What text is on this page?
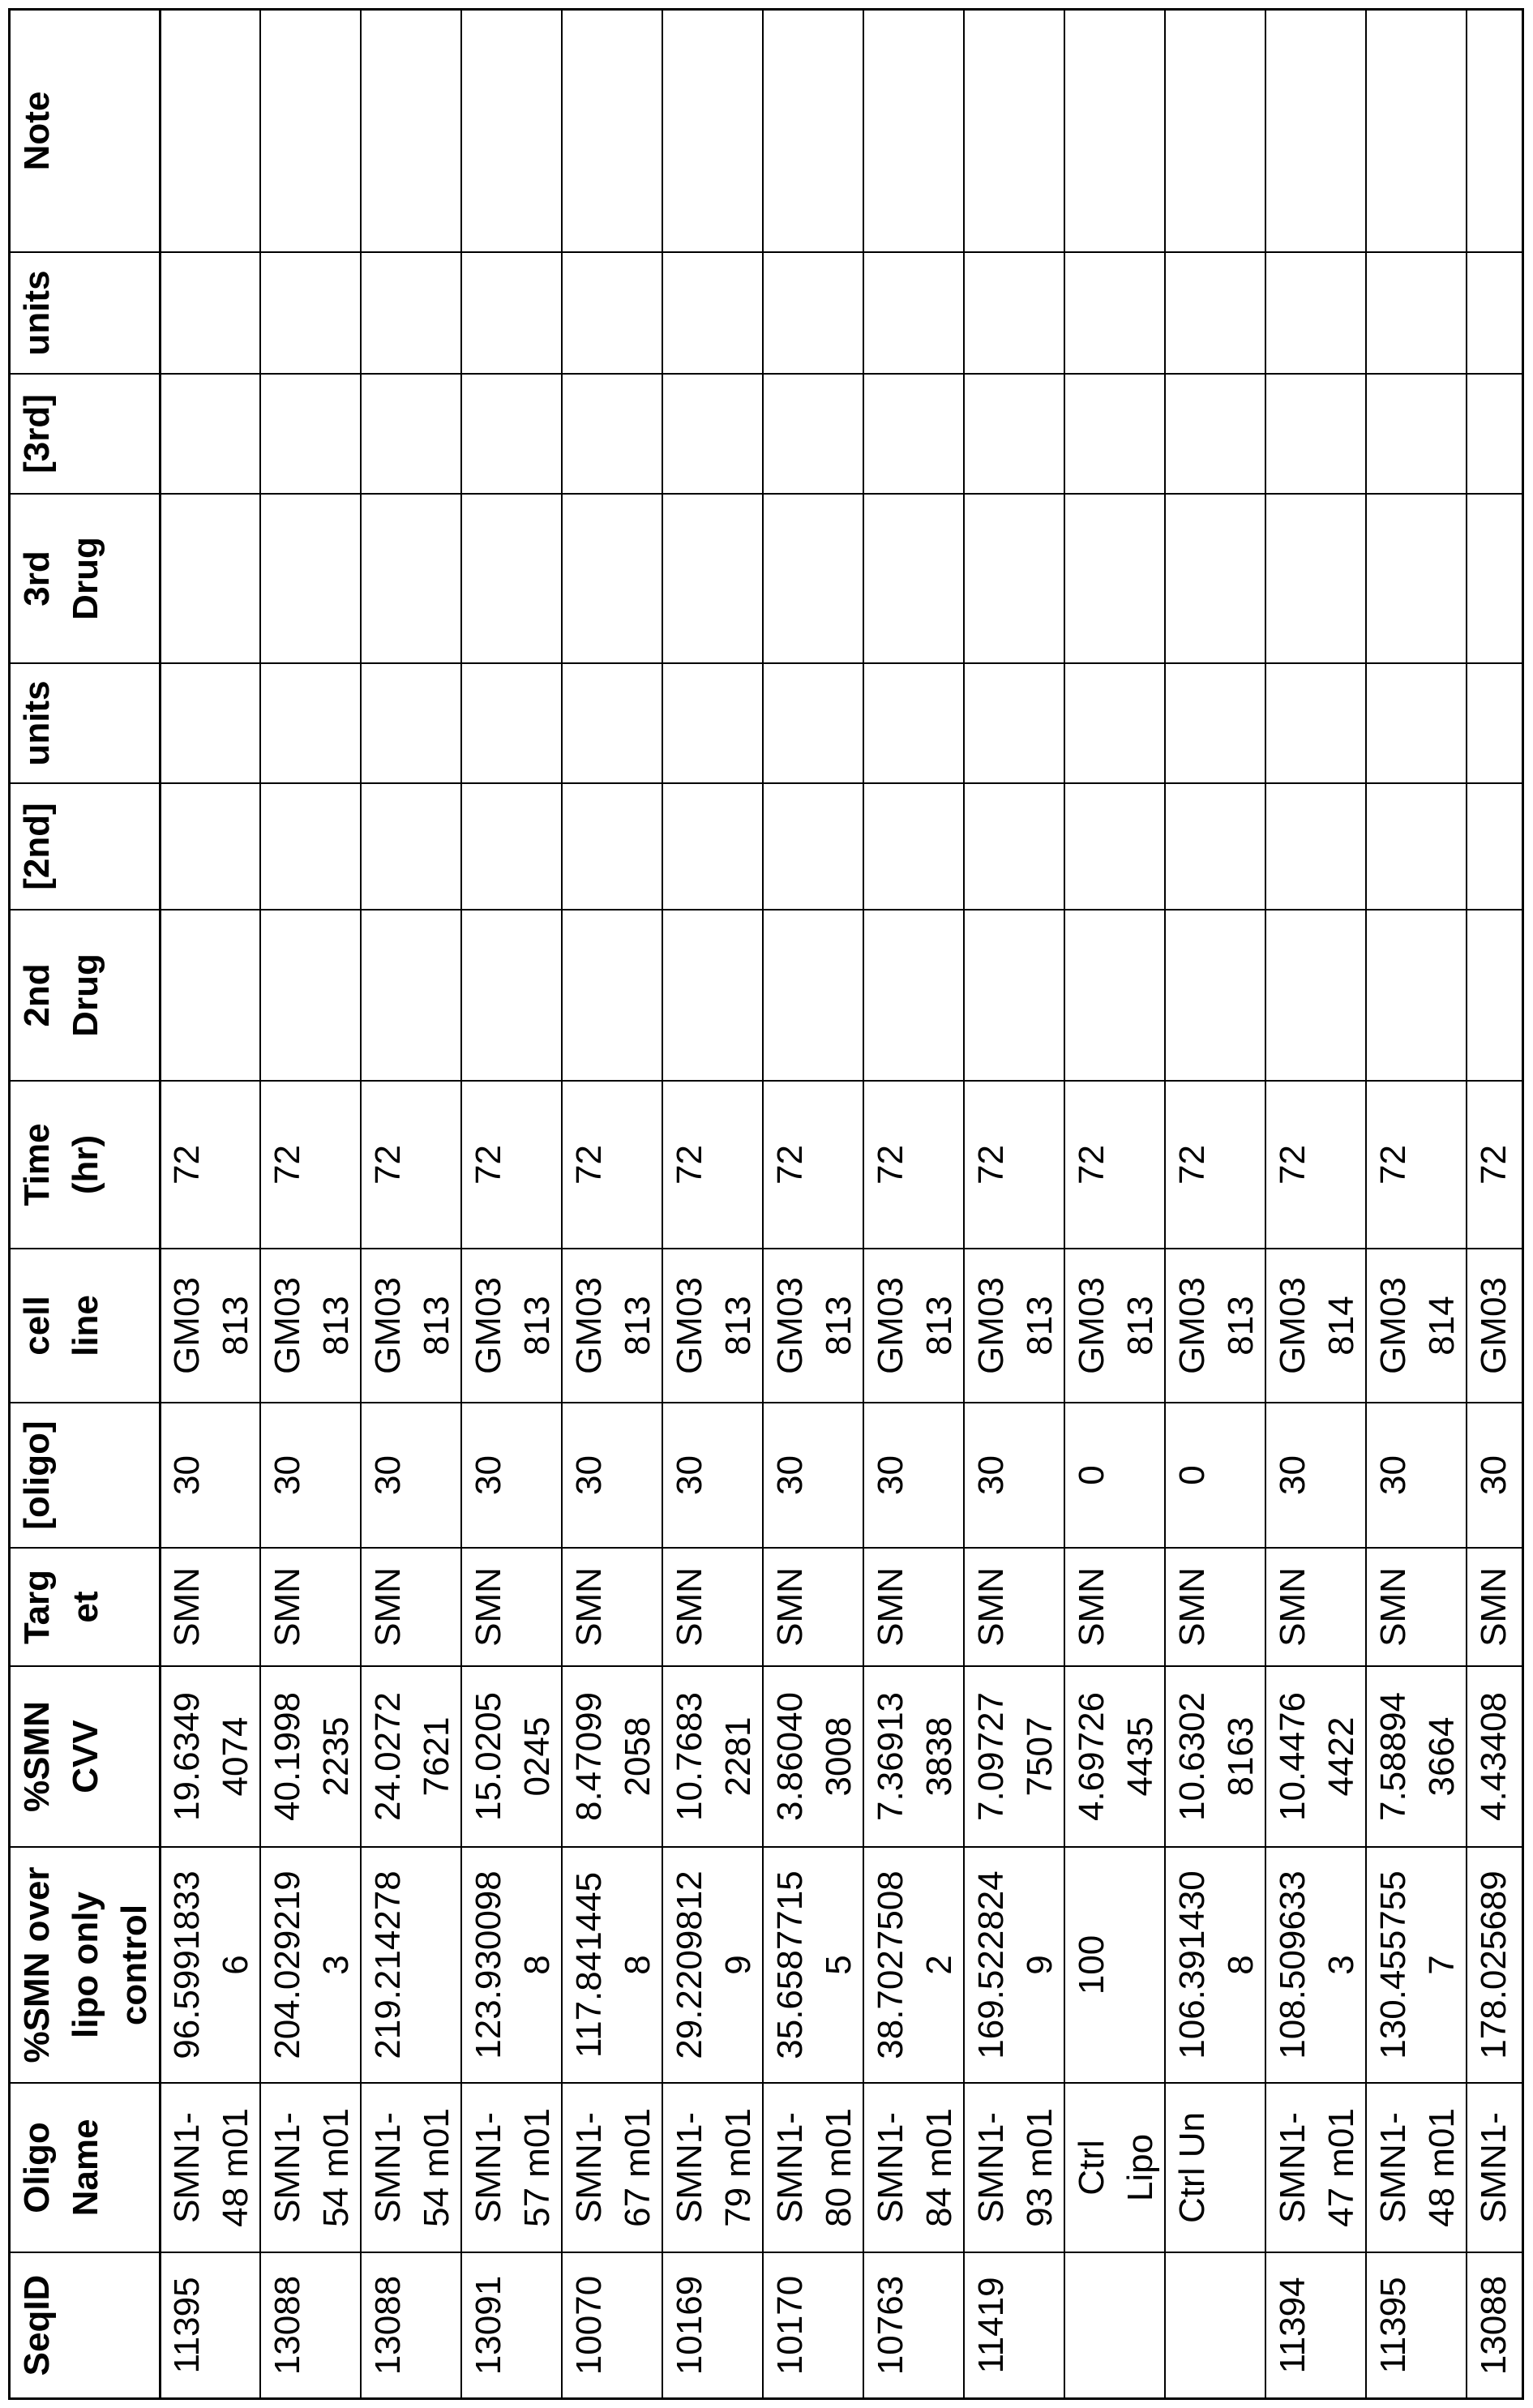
SeqID
Oligo
Name
%SMN over
lipo only
control
%SMN
CVV
Targ
et
[oligo]
cell
line
Time
(hr)
2nd
Drug
[2nd]
units
3rd
Drug
[3rd]
units
Note
11395
SMN1-
48 m01
96.5991833
6
19.6349
4074
SMN
30
GM03
813
72
13088
SMN1-
54 m01
204.029219
3
40.1998
2235
SMN
30
GM03
813
72
13088
SMN1-
54 m01
219.214278
24.0272
7621
SMN
30
GM03
813
72
13091
SMN1-
57 m01
123.930098
8
15.0205
0245
SMN
30
GM03
813
72
10070
SMN1-
67 m01
117.841445
8
8.47099
2058
SMN
30
GM03
813
72
10169
SMN1-
79 m01
29.2209812
9
10.7683
2281
SMN
30
GM03
813
72
10170
SMN1-
80 m01
35.6587715
5
3.86040
3008
SMN
30
GM03
813
72
10763
SMN1-
84 m01
38.7027508
2
7.36913
3838
SMN
30
GM03
813
72
11419
SMN1-
93 m01
169.522824
9
7.09727
7507
SMN
30
GM03
813
72
Ctrl
Lipo
100
4.69726
4435
SMN
0
GM03
813
72
Ctrl Un
106.391430
8
10.6302
8163
SMN
0
GM03
813
72
11394
SMN1-
47 m01
108.509633
3
10.4476
4422
SMN
30
GM03
814
72
11395
SMN1-
48 m01
130.455755
7
7.58894
3664
SMN
30
GM03
814
72
13088
SMN1-
178.025689
4.43408
SMN
30
GM03
72
